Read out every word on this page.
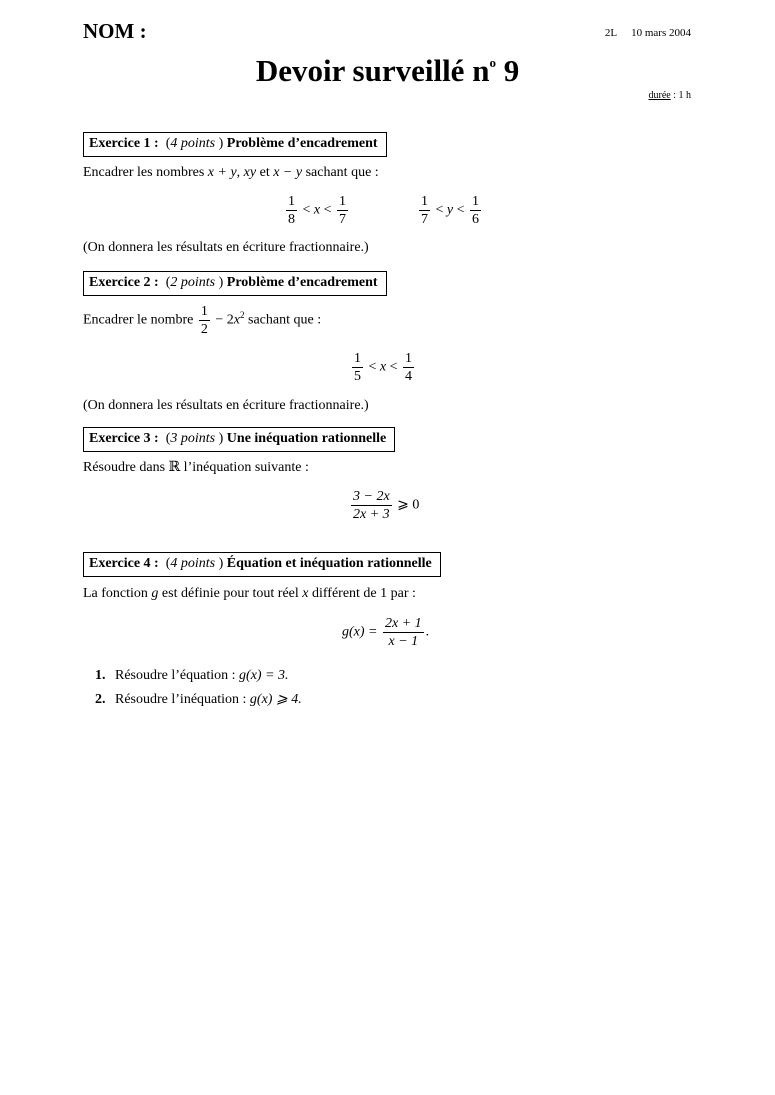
NOM :	2L 10 mars 2004
Devoir surveillé $n^o$ 9
durée : 1 h
Exercice 1 : (4 points ) Problème d’encadrement
Encadrer les nombres x + y, xy et x − y sachant que :
$\frac{1}{8} < x < \frac{1}{7}$	$\frac{1}{7} < y < \frac{1}{6}$
(On donnera les résultats en écriture fractionnaire.)
Exercice 2 : (2 points ) Problème d’encadrement
Encadrer le nombre $\frac{1}{2} - 2x^2$ sachant que :
$\frac{1}{5} < x < \frac{1}{4}$
(On donnera les résultats en écriture fractionnaire.)
Exercice 3 : (3 points ) Une inéquation rationnelle
Résoudre dans ℝ l’inéquation suivante :
$\frac{3 - 2x}{2x + 3}$ ⩾ 0
Exercice 4 : (4 points ) Équation et inéquation rationnelle
La fonction g est définie pour tout réel x différent de 1 par :
$g(x) = \frac{2x + 1}{x - 1}$ .
1. Résoudre l’équation : g(x) = 3.
2. Résoudre l’inéquation : g(x) ⩾ 4.
